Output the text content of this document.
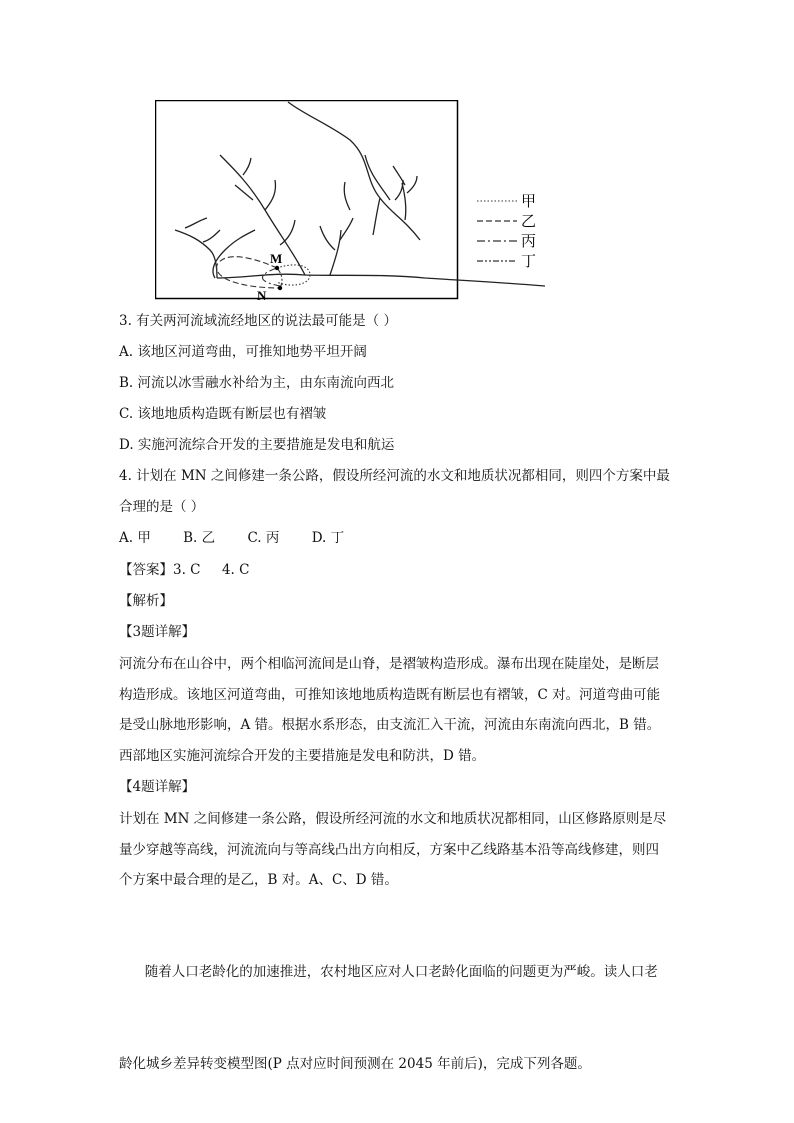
M
N
甲
乙
丙
丁
3. 有关两河流域流经地区的说法最可能是（ ）
A. 该地区河道弯曲，可推知地势平坦开阔
B. 河流以冰雪融水补给为主，由东南流向西北
C. 该地地质构造既有断层也有褶皱
D. 实施河流综合开发的主要措施是发电和航运
4. 计划在 MN 之间修建一条公路，假设所经河流的水文和地质状况都相同，则四个方案中最
合理的是（ ）
A. 甲 B. 乙 C. 丙 D. 丁
【答案】3. C     4. C
【解析】
【3题详解】
河流分布在山谷中，两个相临河流间是山脊，是褶皱构造形成。瀑布出现在陡崖处，是断层
构造形成。该地区河道弯曲，可推知该地地质构造既有断层也有褶皱，C 对。河道弯曲可能
是受山脉地形影响，A 错。根据水系形态，由支流汇入干流，河流由东南流向西北，B 错。
西部地区实施河流综合开发的主要措施是发电和防洪，D 错。
【4题详解】
计划在 MN 之间修建一条公路，假设所经河流的水文和地质状况都相同，山区修路原则是尽
量少穿越等高线，河流流向与等高线凸出方向相反，方案中乙线路基本沿等高线修建，则四
个方案中最合理的是乙，B 对。A、C、D 错。

随着人口老龄化的加速推进，农村地区应对人口老龄化面临的问题更为严峻。读人口老

龄化城乡差异转变模型图(P 点对应时间预测在 2045 年前后)，完成下列各题。
